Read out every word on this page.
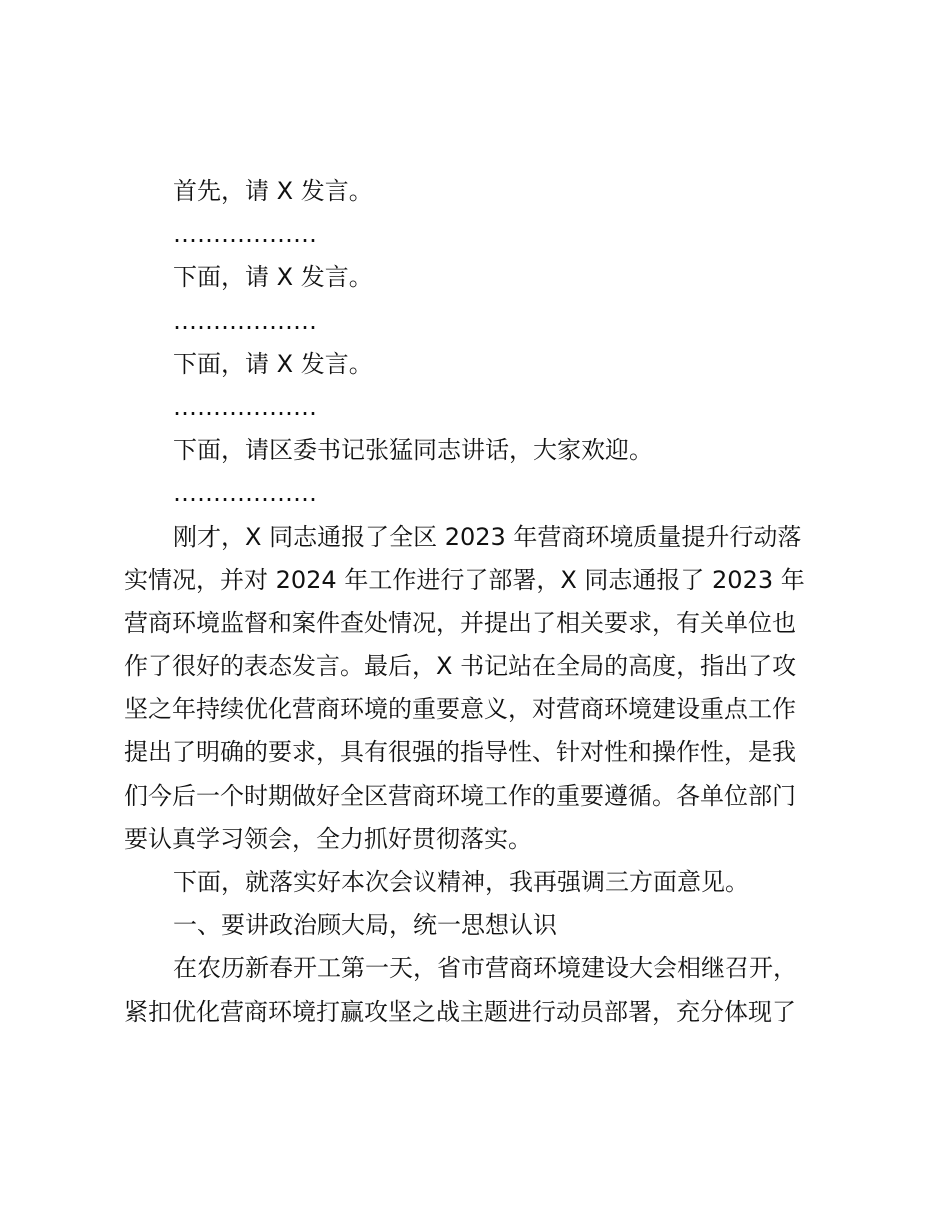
首先，请 X 发言。
………………
下面，请 X 发言。
………………
下面，请 X 发言。
………………
下面，请区委书记张猛同志讲话，大家欢迎。
………………
刚才，X 同志通报了全区 2023 年营商环境质量提升行动落
实情况，并对 2024 年工作进行了部署，X 同志通报了 2023 年
营商环境监督和案件查处情况，并提出了相关要求，有关单位也
作了很好的表态发言。最后，X 书记站在全局的高度，指出了攻
坚之年持续优化营商环境的重要意义，对营商环境建设重点工作
提出了明确的要求，具有很强的指导性、针对性和操作性，是我
们今后一个时期做好全区营商环境工作的重要遵循。各单位部门
要认真学习领会，全力抓好贯彻落实。
下面，就落实好本次会议精神，我再强调三方面意见。
一、要讲政治顾大局，统一思想认识
在农历新春开工第一天，省市营商环境建设大会相继召开，
紧扣优化营商环境打赢攻坚之战主题进行动员部署，充分体现了
